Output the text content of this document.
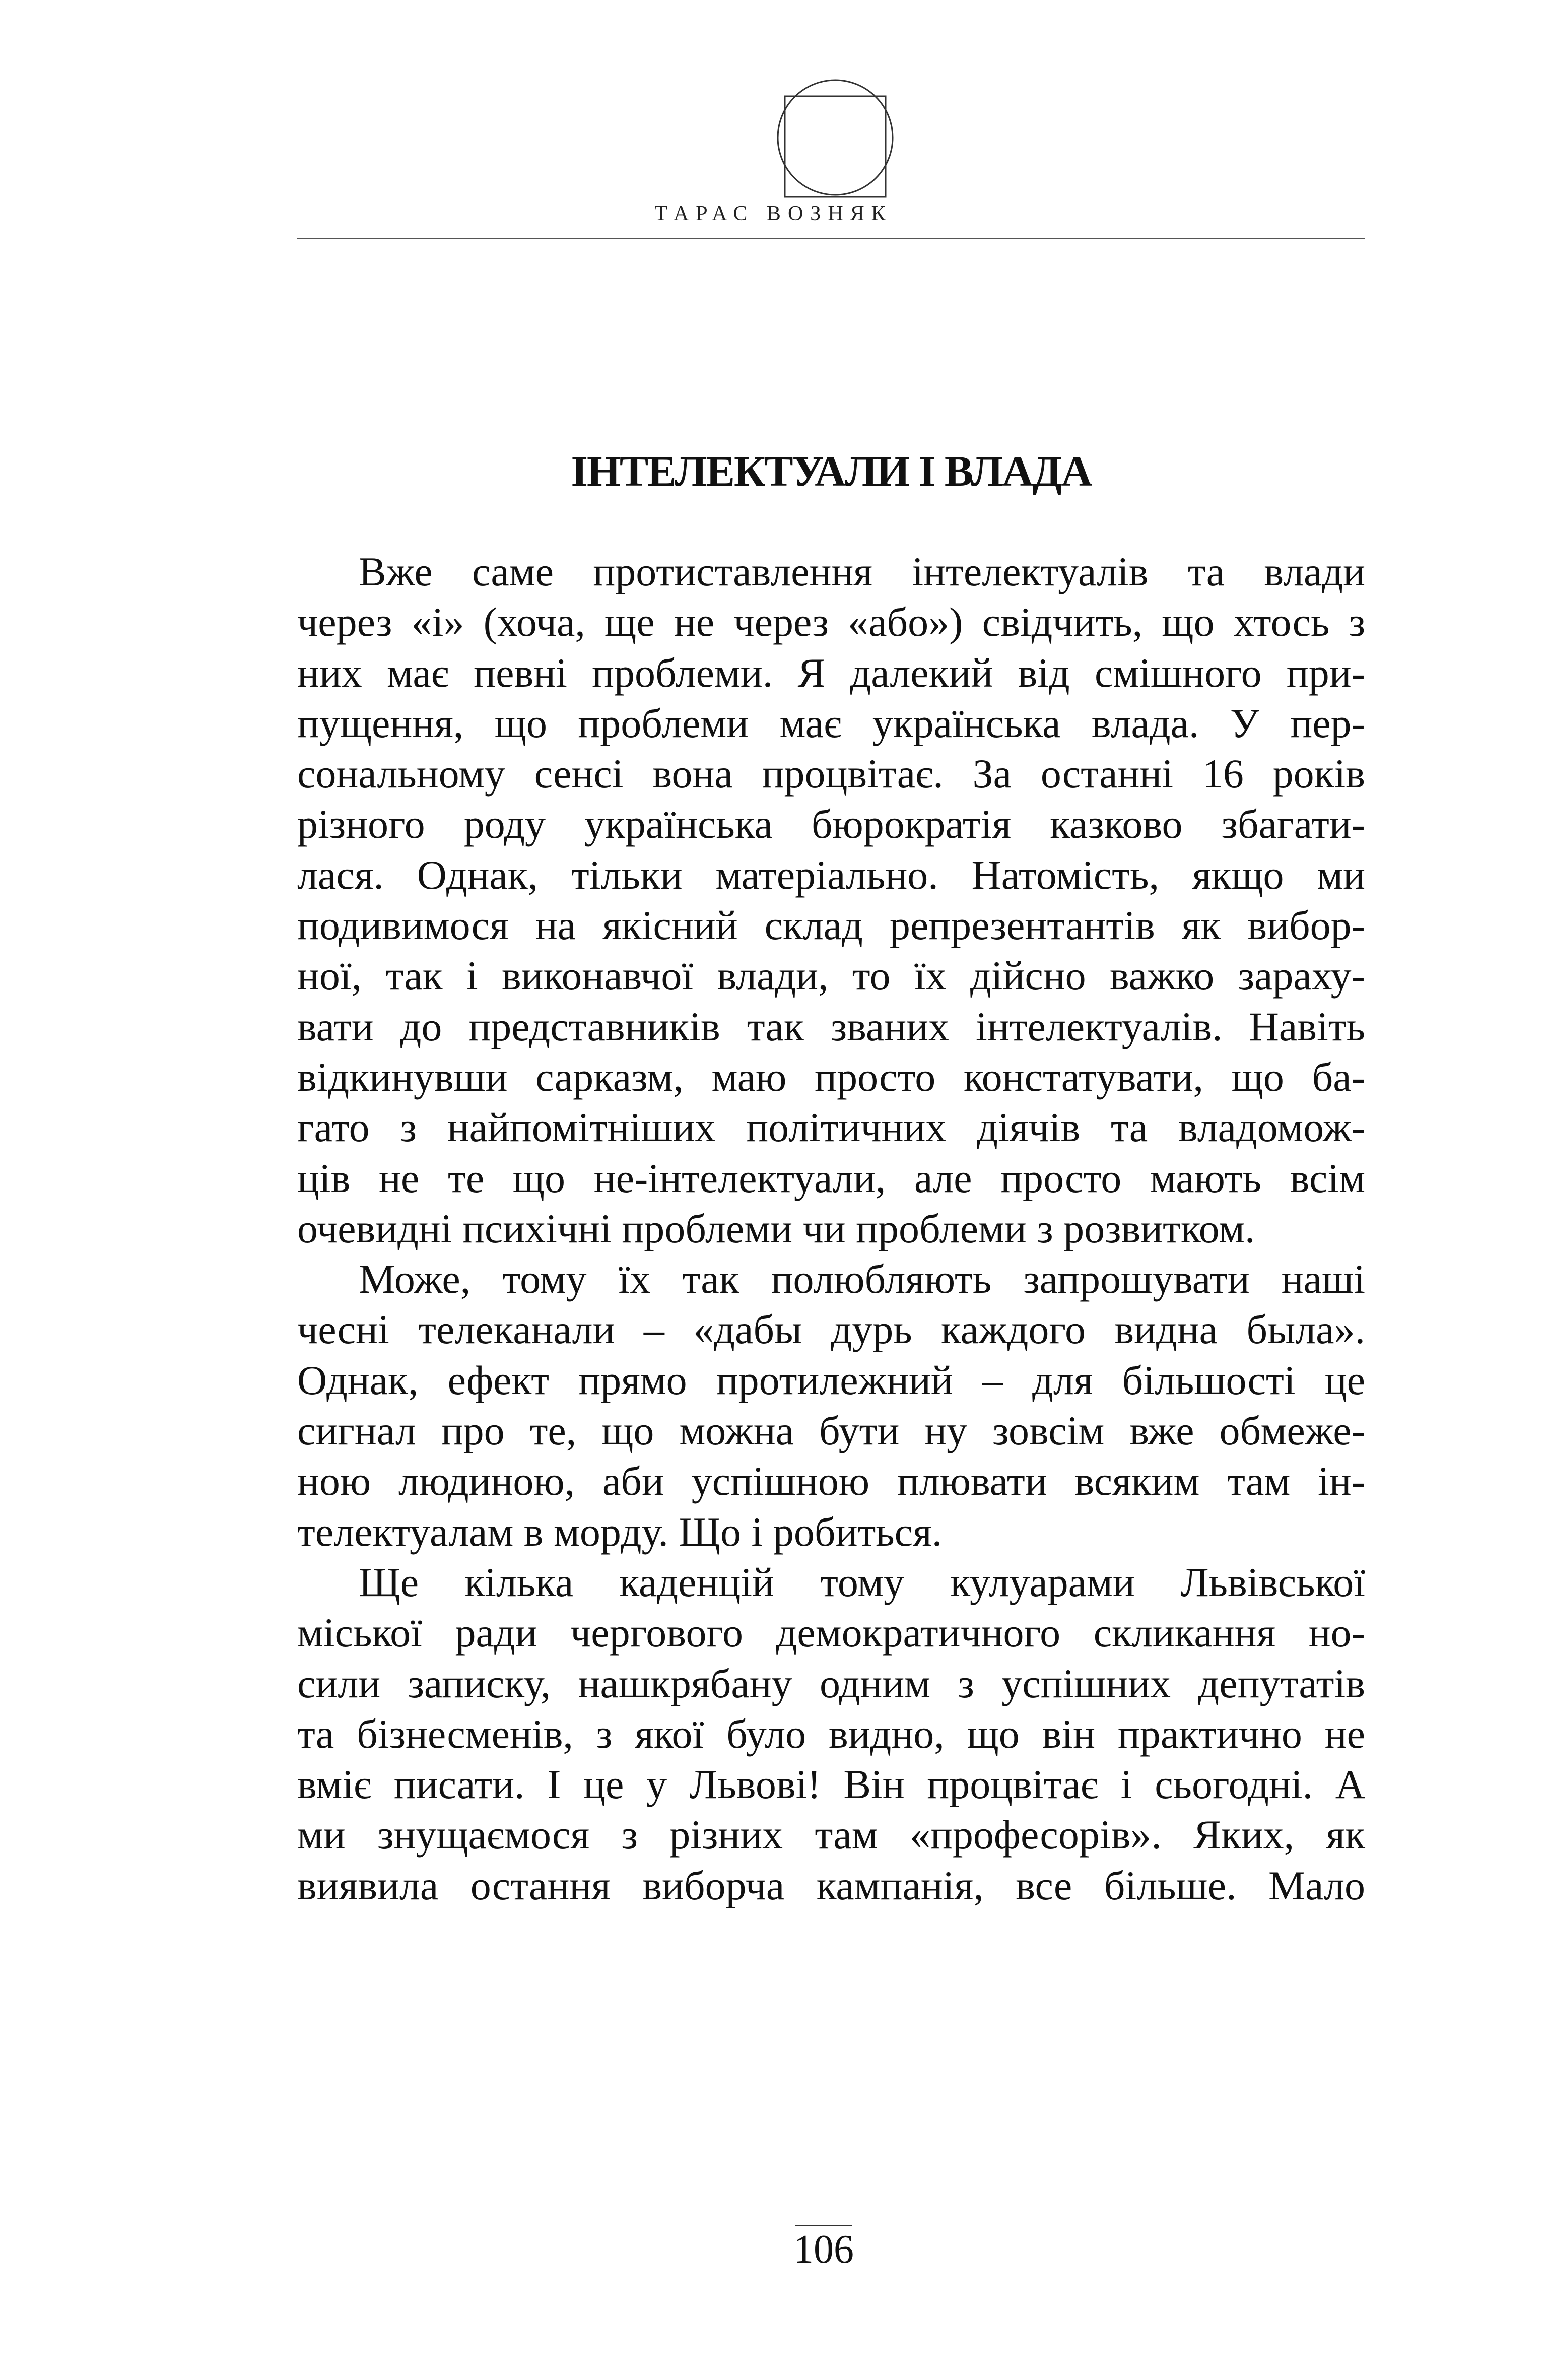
ТАРАС ВОЗНЯК
ІНТЕЛЕКТУАЛИ І ВЛАДА
Вже саме протиставлення інтелектуалів та влади
через «і» (хоча, ще не через «або») свідчить, що хтось з
них має певні проблеми. Я далекий від смішного при-
пущення, що проблеми має українська влада. У пер-
сональному сенсі вона процвітає. За останні 16 років
різного роду українська бюрократія казково збагати-
лася. Однак, тільки матеріально. Натомість, якщо ми
подивимося на якісний склад репрезентантів як вибор-
ної, так і виконавчої влади, то їх дійсно важко зараху-
вати до представників так званих інтелектуалів. Навіть
відкинувши сарказм, маю просто констатувати, що ба-
гато з найпомітніших політичних діячів та владомож-
ців не те що не-інтелектуали, але просто мають всім
очевидні психічні проблеми чи проблеми з розвитком.
Може, тому їх так полюбляють запрошувати наші
чесні телеканали – «дабы дурь каждого видна была».
Однак, ефект прямо протилежний – для більшості це
сигнал про те, що можна бути ну зовсім вже обмеже-
ною людиною, аби успішною плювати всяким там ін-
телектуалам в морду. Що і робиться.
Ще кілька каденцій тому кулуарами Львівської
міської ради чергового демократичного скликання но-
сили записку, нашкрябану одним з успішних депутатів
та бізнесменів, з якої було видно, що він практично не
вміє писати. І це у Львові! Він процвітає і сьогодні. А
ми знущаємося з різних там «професорів». Яких, як
виявила остання виборча кампанія, все більше. Мало
106
